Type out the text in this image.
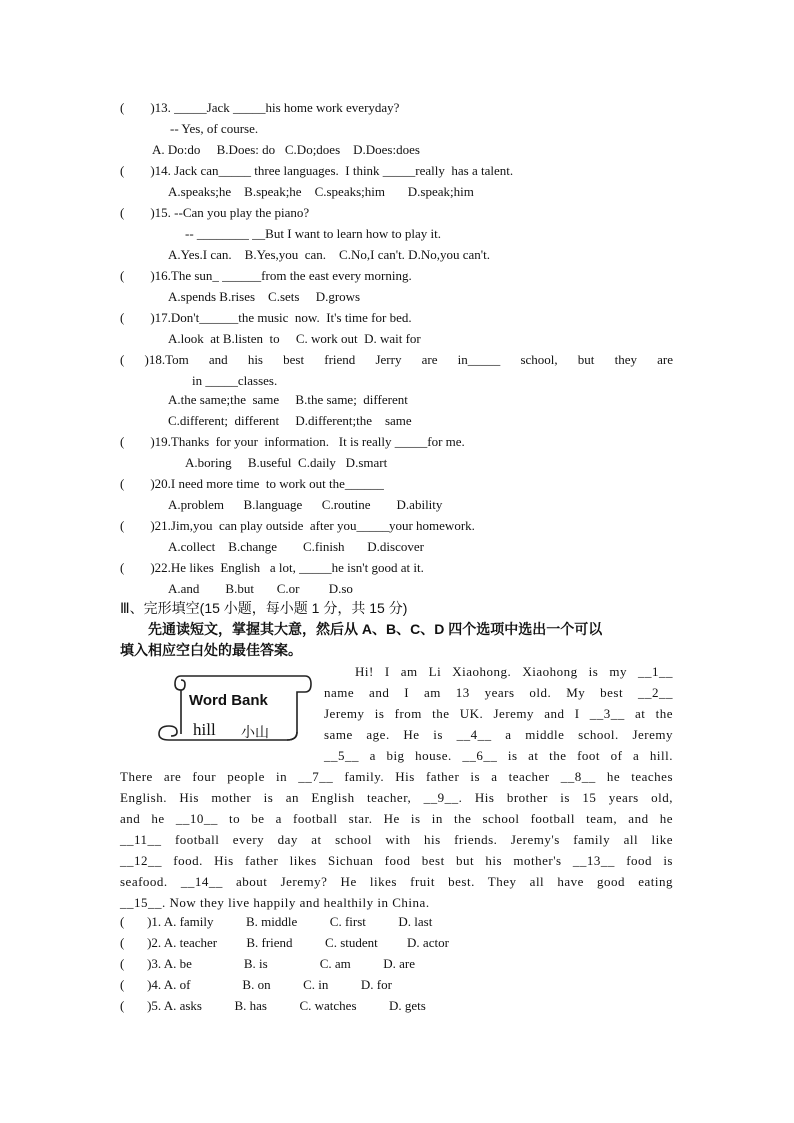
(        )13. _____Jack _____his home work everyday?
-- Yes, of course.
A. Do:do     B.Does: do   C.Do;does    D.Does:does
(        )14. Jack can_____ three languages.  I think _____really  has a talent.
A.speaks;he    B.speak;he    C.speaks;him       D.speak;him
(        )15. --Can you play the piano?
-- ________ __But I want to learn how to play it.
A.Yes.I can.    B.Yes,you  can.    C.No,I can't. D.No,you can't.
(        )16.The sun_ ______from the east every morning.
A.spends B.rises    C.sets     D.grows
(        )17.Don't______the music  now.  It's time for bed.
A.look  at B.listen  to     C. work out  D. wait for
in _____classes.
A.the same;the  same     B.the same;  different
C.different;  different     D.different;the    same
(        )19.Thanks  for your  information.   It is really _____for me.
A.boring     B.useful  C.daily   D.smart
(        )20.I need more time  to work out the______
A.problem      B.language      C.routine        D.ability
(        )21.Jim,you  can play outside  after you_____your homework.
A.collect    B.change        C.finish       D.discover
(        )22.He likes  English   a lot, _____he isn't good at it.
A.and        B.but       C.or         D.so
( )18.Tom and his best friend Jerry are in_____ school, but they are
Ⅲ、完形填空(15 小题，每小题 1 分，共 15 分)
先通读短文，掌握其大意，然后从 A、B、C、D 四个选项中选出一个可以
填入相应空白处的最佳答案。
Word Bank
hill 小山
Hi! I am Li Xiaohong. Xiaohong is my __1__
name and I am 13 years old. My best __2__
Jeremy is from the UK. Jeremy and I __3__ at the
same age. He is __4__ a middle school. Jeremy
__5__ a big house. __6__ is at the foot of a hill.
There are four people in __7__ family. His father is a teacher __8__ he teaches
English. His mother is an English teacher, __9__. His brother is 15 years old,
and he __10__ to be a football star. He is in the school football team, and he
__11__ football every day at school with his friends. Jeremy's family all like
__12__ food. His father likes Sichuan food best but his mother's __13__ food is
seafood. __14__ about Jeremy? He likes fruit best. They all have good eating
__15__. Now they live happily and healthily in China.
(       )1. A. family          B. middle          C. first          D. last
(       )2. A. teacher         B. friend          C. student         D. actor
(       )3. A. be                B. is                C. am          D. are
(       )4. A. of                B. on          C. in          D. for
(       )5. A. asks          B. has          C. watches          D. gets
